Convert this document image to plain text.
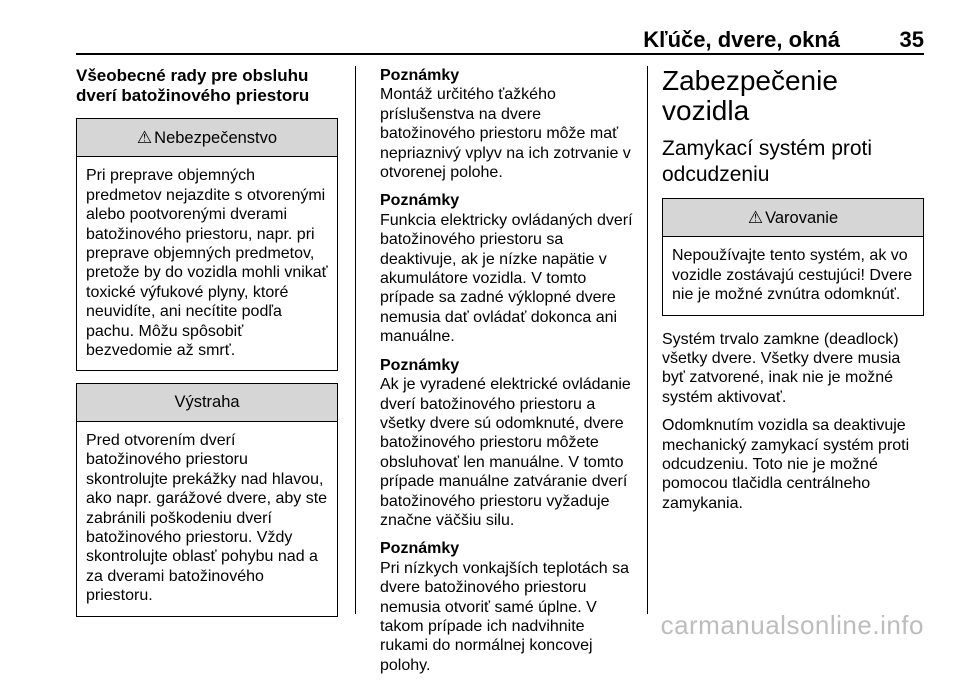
Kľúče, dvere, okná	35
Všeobecné rady pre obsluhu dverí batožinového priestoru
⚠ Nebezpečenstvo
Pri preprave objemných predmetov nejazdite s otvorenými alebo pootvorenými dverami batožinového priestoru, napr. pri preprave objemných predmetov, pretože by do vozidla mohli vnikať toxické výfukové plyny, ktoré neuvidíte, ani necítite podľa pachu. Môžu spôsobiť bezvedomie až smrť.
Výstraha
Pred otvorením dverí batožinového priestoru skontrolujte prekážky nad hlavou, ako napr. garážové dvere, aby ste zabránili poškodeniu dverí batožinového priestoru. Vždy skontrolujte oblasť pohybu nad a za dverami batožinového priestoru.
Poznámky
Montáž určitého ťažkého príslušenstva na dvere batožinového priestoru môže mať nepriaznivý vplyv na ich zotrvanie v otvorenej polohe.
Poznámky
Funkcia elektricky ovládaných dverí batožinového priestoru sa deaktivuje, ak je nízke napätie v akumulátore vozidla. V tomto prípade sa zadné výklopné dvere nemusia dať ovládať dokonca ani manuálne.
Poznámky
Ak je vyradené elektrické ovládanie dverí batožinového priestoru a všetky dvere sú odomknuté, dvere batožinového priestoru môžete obsluhovať len manuálne. V tomto prípade manuálne zatváranie dverí batožinového priestoru vyžaduje značne väčšiu silu.
Poznámky
Pri nízkych vonkajších teplotách sa dvere batožinového priestoru nemusia otvoriť samé úplne. V takom prípade ich nadvihnite rukami do normálnej koncovej polohy.
Zabezpečenie vozidla
Zamykací systém proti odcudzeniu
⚠ Varovanie
Nepoužívajte tento systém, ak vo vozidle zostávajú cestujúci! Dvere nie je možné zvnútra odomknúť.
Systém trvalo zamkne (deadlock) všetky dvere. Všetky dvere musia byť zatvorené, inak nie je možné systém aktivovať.
Odomknutím vozidla sa deaktivuje mechanický zamykací systém proti odcudzeniu. Toto nie je možné pomocou tlačidla centrálneho zamykania.
carmanualsonline.info
